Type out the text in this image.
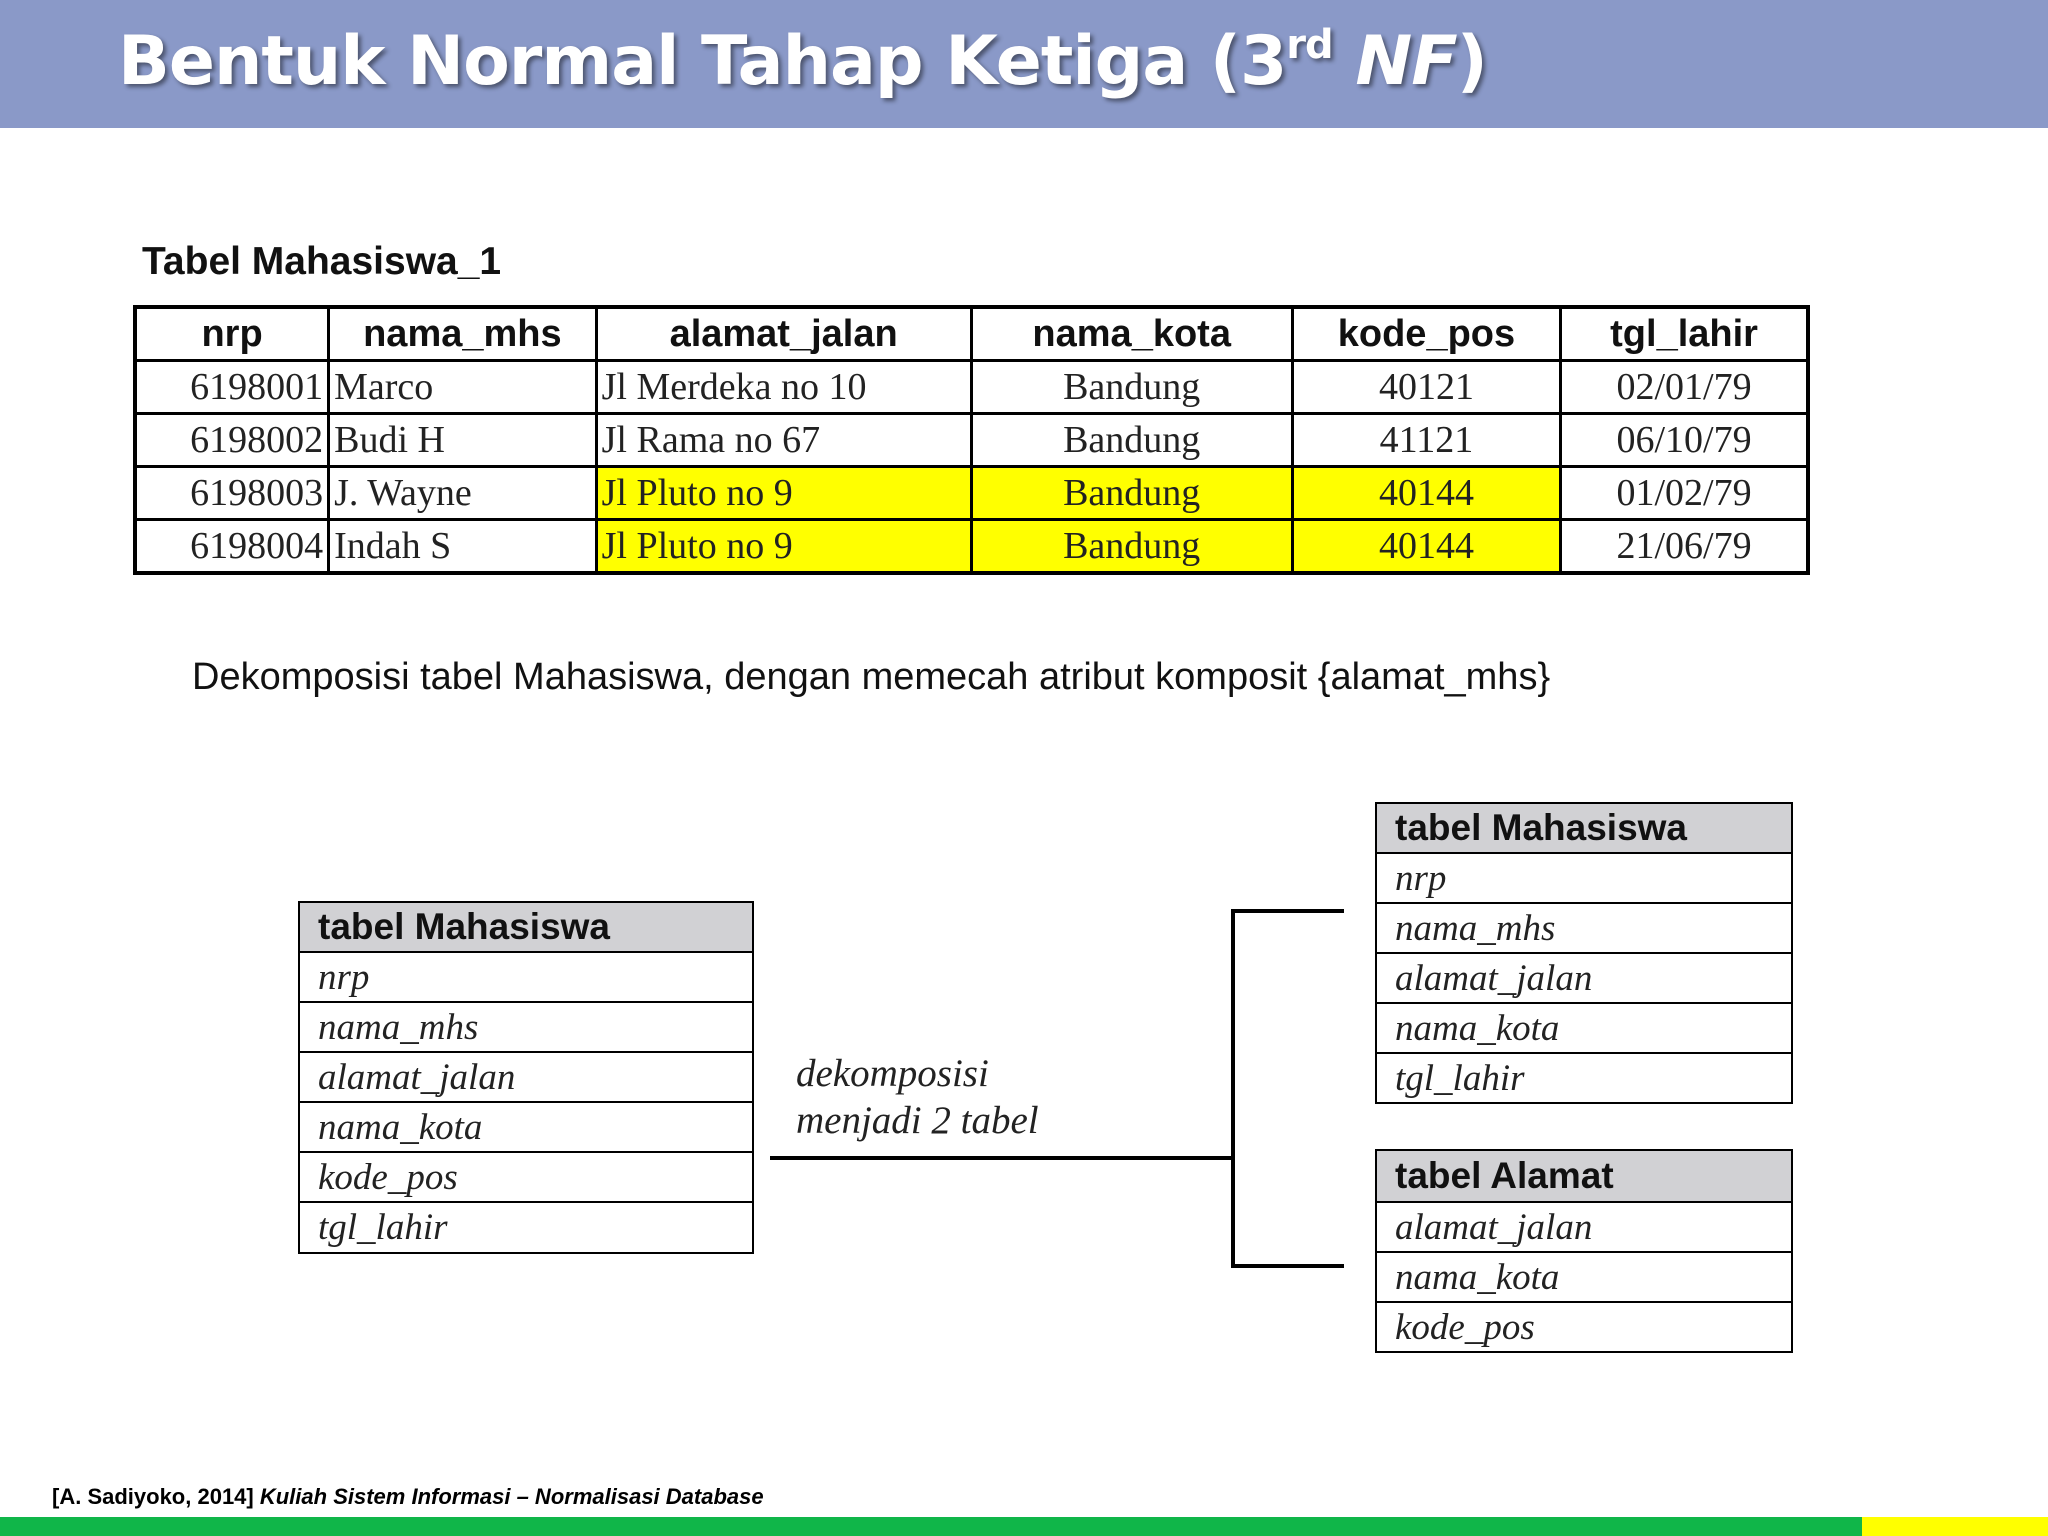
Bentuk Normal Tahap Ketiga (3rd NF)
Tabel Mahasiswa_1
nrp	nama_mhs	alamat_jalan	nama_kota	kode_pos	tgl_lahir
6198001	Marco	Jl Merdeka no 10	Bandung	40121	02/01/79
6198002	Budi H	Jl Rama no 67	Bandung	41121	06/10/79
6198003	J. Wayne	Jl Pluto no 9	Bandung	40144	01/02/79
6198004	Indah S	Jl Pluto no 9	Bandung	40144	21/06/79
Dekomposisi tabel Mahasiswa, dengan memecah atribut komposit {alamat_mhs}
tabel Mahasiswa
nrp
nama_mhs
alamat_jalan
nama_kota
kode_pos
tgl_lahir
dekomposisi
menjadi 2 tabel
tabel Mahasiswa
nrp
nama_mhs
alamat_jalan
nama_kota
tgl_lahir
tabel Alamat
alamat_jalan
nama_kota
kode_pos
[A. Sadiyoko, 2014] Kuliah Sistem Informasi – Normalisasi Database
